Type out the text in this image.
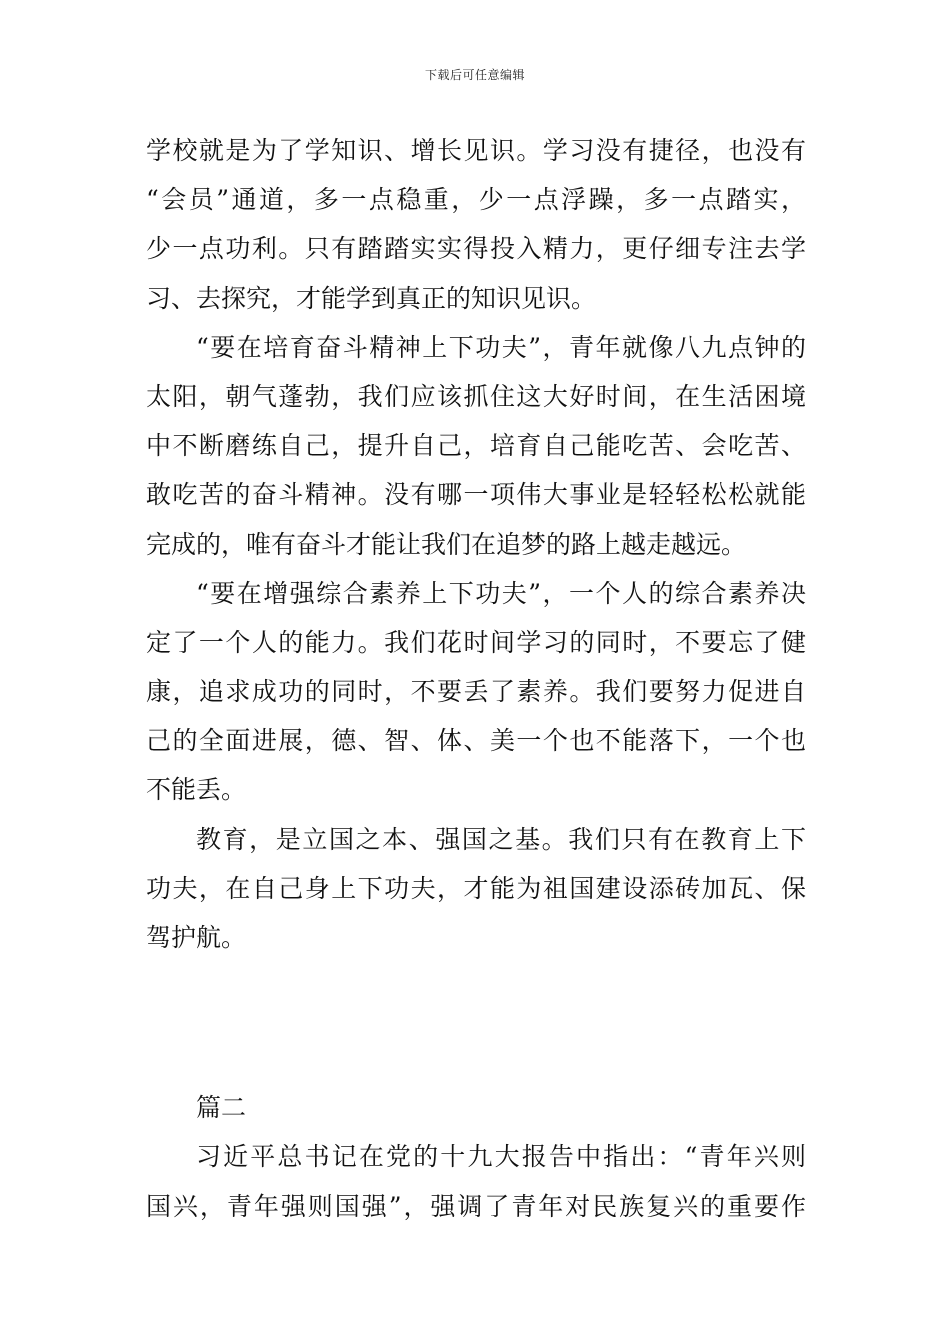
下载后可任意编辑
学校就是为了学知识、增长见识。学习没有捷径，也没有
“会员”通道，多一点稳重，少一点浮躁，多一点踏实，
少一点功利。只有踏踏实实得投入精力，更仔细专注去学
习、去探究，才能学到真正的知识见识。
“要在培育奋斗精神上下功夫”，青年就像八九点钟的
太阳，朝气蓬勃，我们应该抓住这大好时间，在生活困境
中不断磨练自己，提升自己，培育自己能吃苦、会吃苦、
敢吃苦的奋斗精神。没有哪一项伟大事业是轻轻松松就能
完成的，唯有奋斗才能让我们在追梦的路上越走越远。
“要在增强综合素养上下功夫”，一个人的综合素养决
定了一个人的能力。我们花时间学习的同时，不要忘了健
康，追求成功的同时，不要丢了素养。我们要努力促进自
己的全面进展，德、智、体、美一个也不能落下，一个也
不能丢。
教育，是立国之本、强国之基。我们只有在教育上下
功夫，在自己身上下功夫，才能为祖国建设添砖加瓦、保
驾护航。
篇二
习近平总书记在党的十九大报告中指出：“青年兴则
国兴，青年强则国强”，强调了青年对民族复兴的重要作
